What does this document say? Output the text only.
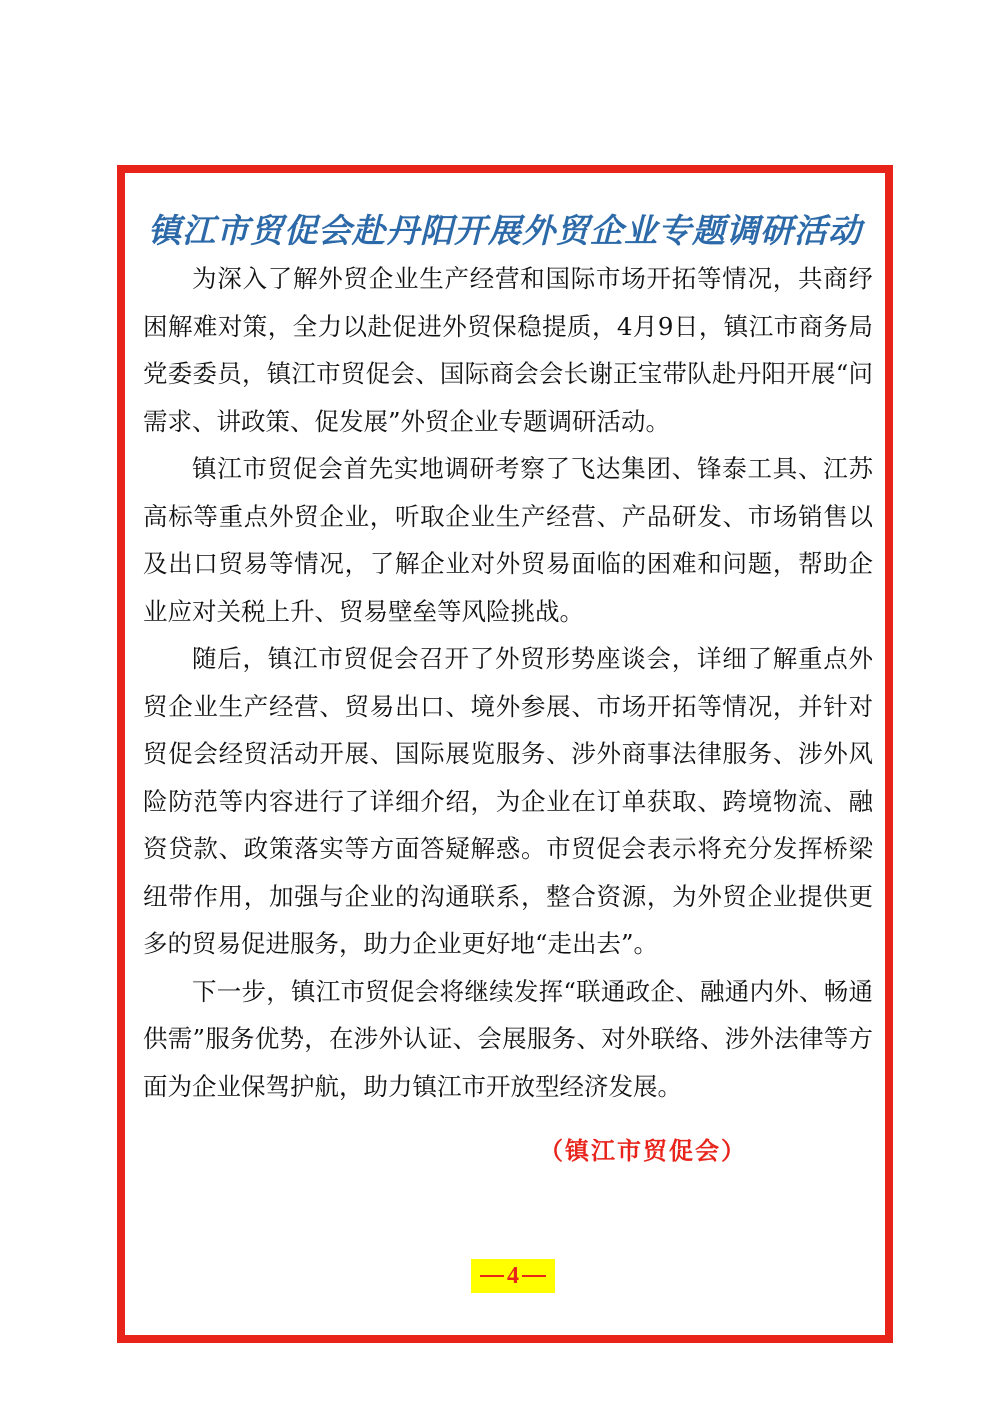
镇江市贸促会赴丹阳开展外贸企业专题调研活动

为深入了解外贸企业生产经营和国际市场开拓等情况，共商纾困解难对策，全力以赴促进外贸保稳提质，4月9日，镇江市商务局党委委员，镇江市贸促会、国际商会会长谢正宝带队赴丹阳开展“问需求、讲政策、促发展”外贸企业专题调研活动。

镇江市贸促会首先实地调研考察了飞达集团、锋泰工具、江苏高标等重点外贸企业，听取企业生产经营、产品研发、市场销售以及出口贸易等情况，了解企业对外贸易面临的困难和问题，帮助企业应对关税上升、贸易壁垒等风险挑战。

随后，镇江市贸促会召开了外贸形势座谈会，详细了解重点外贸企业生产经营、贸易出口、境外参展、市场开拓等情况，并针对贸促会经贸活动开展、国际展览服务、涉外商事法律服务、涉外风险防范等内容进行了详细介绍，为企业在订单获取、跨境物流、融资贷款、政策落实等方面答疑解惑。市贸促会表示将充分发挥桥梁纽带作用，加强与企业的沟通联系，整合资源，为外贸企业提供更多的贸易促进服务，助力企业更好地“走出去”。

下一步，镇江市贸促会将继续发挥“联通政企、融通内外、畅通供需”服务优势，在涉外认证、会展服务、对外联络、涉外法律等方面为企业保驾护航，助力镇江市开放型经济发展。

（镇江市贸促会）
4
